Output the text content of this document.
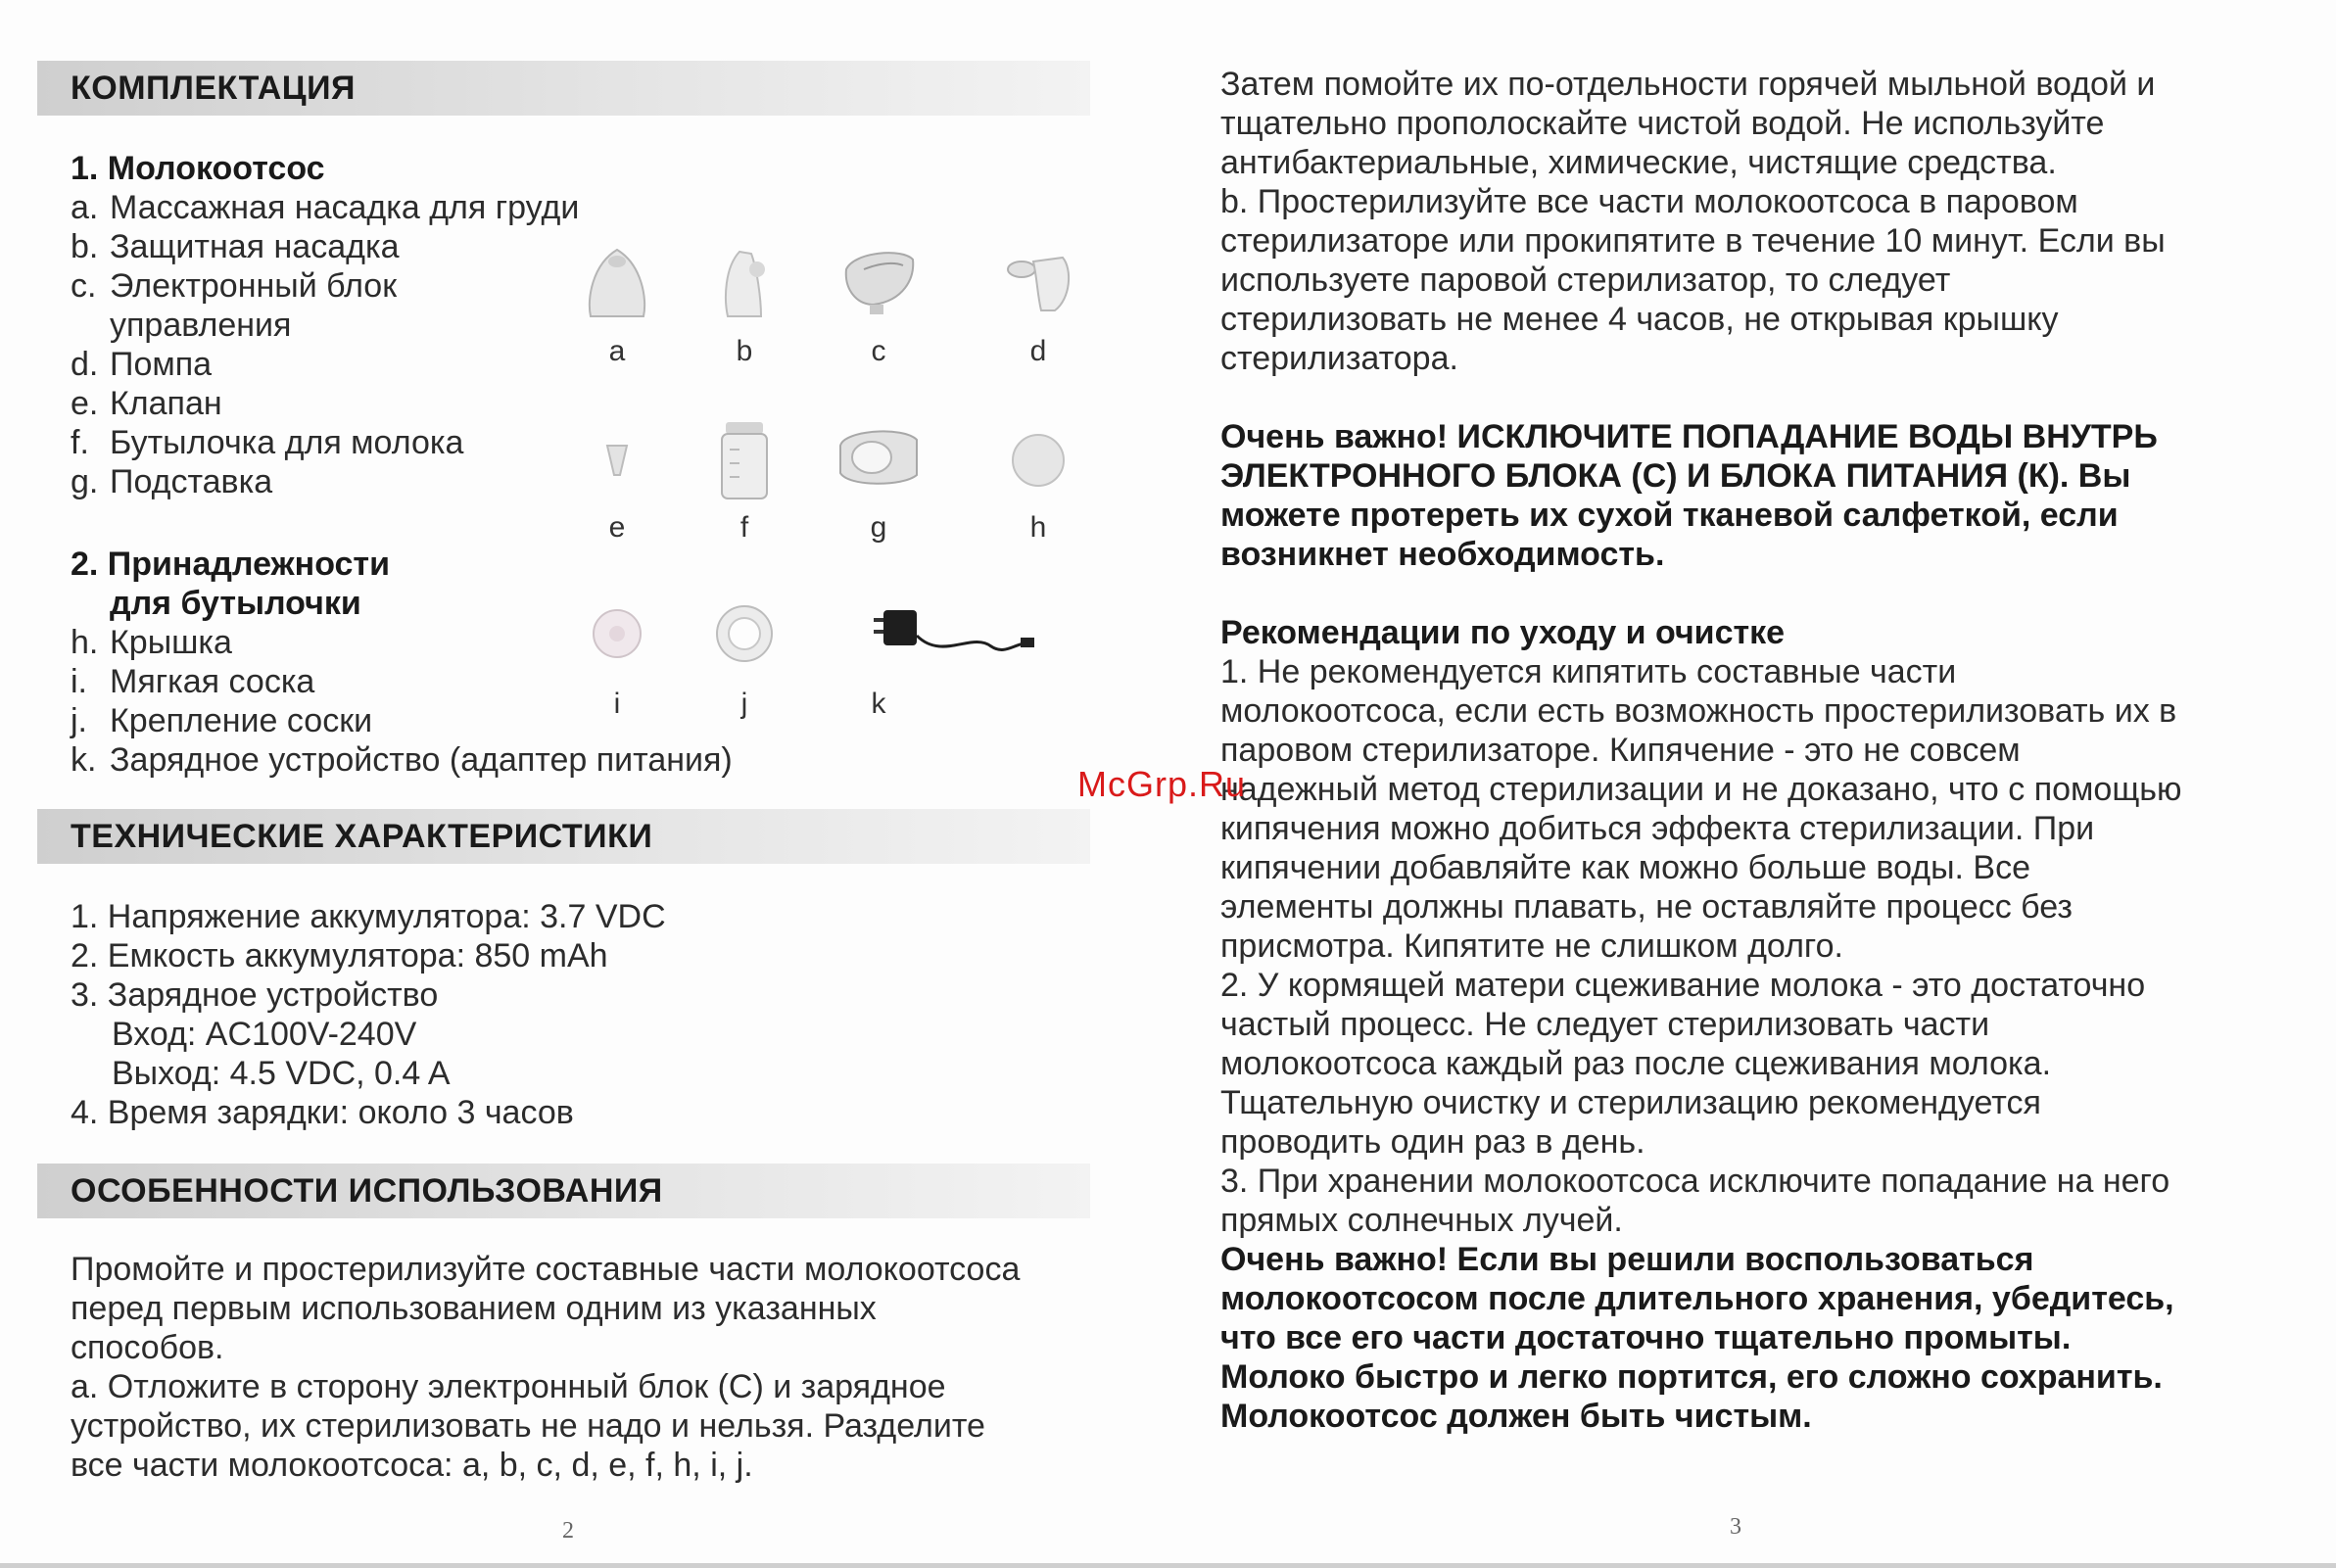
КОМПЛЕКТАЦИЯ
1. Молокоотсос
a. Массажная насадка для груди
b. Защитная насадка
c. Электронный блок
управления
d. Помпа
e. Клапан
f. Бутылочка для молока
g. Подставка
2. Принадлежности
для бутылочки
h. Крышка
i. Мягкая соска
j. Крепление соски
k. Зарядное устройство (адаптер питания)
a	b	c	d
e	f	g	h
i	j	k
ТЕХНИЧЕСКИЕ ХАРАКТЕРИСТИКИ
1. Напряжение аккумулятора: 3.7 VDC
2. Емкость аккумулятора: 850 mAh
3. Зарядное устройство
Вход: AC100V-240V
Выход: 4.5 VDC, 0.4 A
4. Время зарядки: около 3 часов
ОСОБЕННОСТИ ИСПОЛЬЗОВАНИЯ
Промойте и простерилизуйте составные части молокоотсоса
перед первым использованием одним из указанных
способов.
a. Отложите в сторону электронный блок (С) и зарядное
устройство, их стерилизовать не надо и нельзя. Разделите
все части молокоотсоса: a, b, c, d, e, f, h, i, j.
2
Затем помойте их по-отдельности горячей мыльной водой и
тщательно прополоскайте чистой водой. Не используйте
антибактериальные, химические, чистящие средства.
b. Простерилизуйте все части молокоотсоса в паровом
стерилизаторе или прокипятите в течение 10 минут. Если вы
используете паровой стерилизатор, то следует
стерилизовать не менее 4 часов, не открывая крышку
стерилизатора.
Очень важно! ИСКЛЮЧИТЕ ПОПАДАНИЕ ВОДЫ ВНУТРЬ
ЭЛЕКТРОННОГО БЛОКА (С) И БЛОКА ПИТАНИЯ (К). Вы
можете протереть их сухой тканевой салфеткой, если
возникнет необходимость.
Рекомендации по уходу и очистке
1. Не рекомендуется кипятить составные части
молокоотсоса, если есть возможность простерилизовать их в
паровом стерилизаторе. Кипячение - это не совсем
надежный метод стерилизации и не доказано, что с помощью
кипячения можно добиться эффекта стерилизации. При
кипячении добавляйте как можно больше воды. Все
элементы должны плавать, не оставляйте процесс без
присмотра. Кипятите не слишком долго.
2. У кормящей матери сцеживание молока - это достаточно
частый процесс. Не следует стерилизовать части
молокоотсоса каждый раз после сцеживания молока.
Тщательную очистку и стерилизацию рекомендуется
проводить один раз в день.
3. При хранении молокоотсоса исключите попадание на него
прямых солнечных лучей.
Очень важно! Если вы решили воспользоваться
молокоотсосом после длительного хранения, убедитесь,
что все его части достаточно тщательно промыты.
Молоко быстро и легко портится, его сложно сохранить.
Молокоотсос должен быть чистым.
3
McGrp.Ru
